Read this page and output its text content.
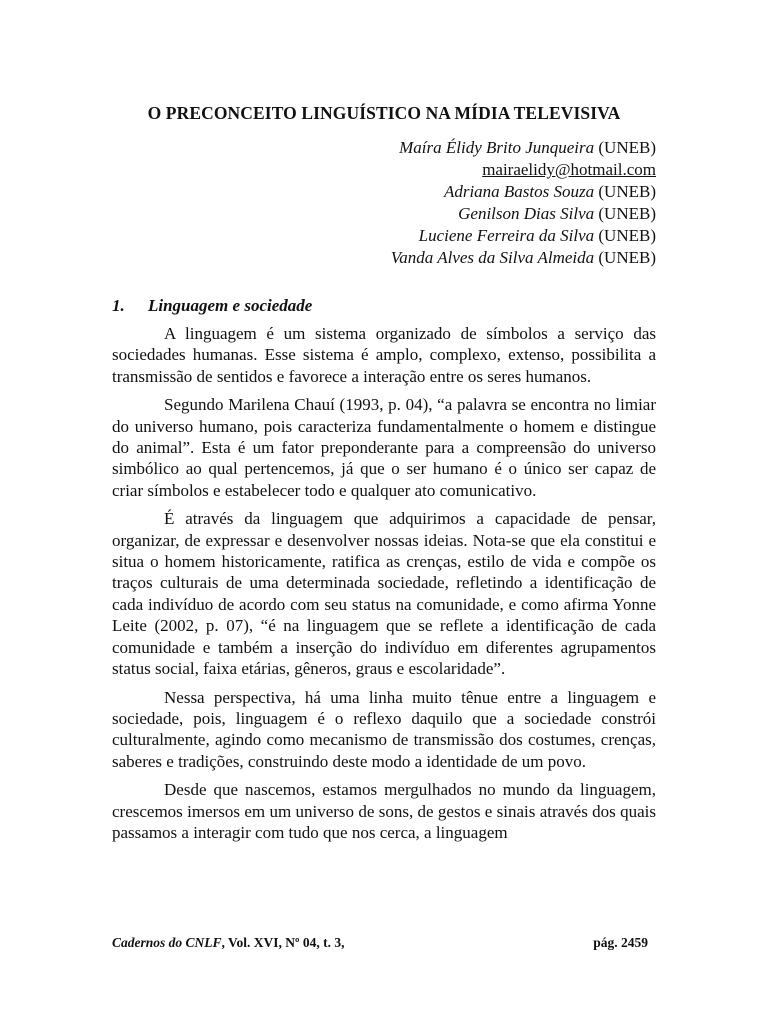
O PRECONCEITO LINGUÍSTICO NA MÍDIA TELEVISIVA
Maíra Élidy Brito Junqueira (UNEB)
mairaelidy@hotmail.com
Adriana Bastos Souza (UNEB)
Genilson Dias Silva (UNEB)
Luciene Ferreira da Silva (UNEB)
Vanda Alves da Silva Almeida (UNEB)
1. Linguagem e sociedade

A linguagem é um sistema organizado de símbolos a serviço das sociedades humanas. Esse sistema é amplo, complexo, extenso, possibilita a transmissão de sentidos e favorece a interação entre os seres humanos.

Segundo Marilena Chauí (1993, p. 04), “a palavra se encontra no limiar do universo humano, pois caracteriza fundamentalmente o homem e distingue do animal”. Esta é um fator preponderante para a compreensão do universo simbólico ao qual pertencemos, já que o ser humano é o único ser capaz de criar símbolos e estabelecer todo e qualquer ato comunicativo.

É através da linguagem que adquirimos a capacidade de pensar, organizar, de expressar e desenvolver nossas ideias. Nota-se que ela constitui e situa o homem historicamente, ratifica as crenças, estilo de vida e compõe os traços culturais de uma determinada sociedade, refletindo a identificação de cada indivíduo de acordo com seu status na comunidade, e como afirma Yonne Leite (2002, p. 07), “é na linguagem que se reflete a identificação de cada comunidade e também a inserção do indivíduo em diferentes agrupamentos status social, faixa etárias, gêneros, graus e escolaridade”.

Nessa perspectiva, há uma linha muito tênue entre a linguagem e sociedade, pois, linguagem é o reflexo daquilo que a sociedade constrói culturalmente, agindo como mecanismo de transmissão dos costumes, crenças, saberes e tradições, construindo deste modo a identidade de um povo.

Desde que nascemos, estamos mergulhados no mundo da linguagem, crescemos imersos em um universo de sons, de gestos e sinais através dos quais passamos a interagir com tudo que nos cerca, a linguagem

Cadernos do CNLF, Vol. XVI, Nº 04, t. 3,	pág. 2459
